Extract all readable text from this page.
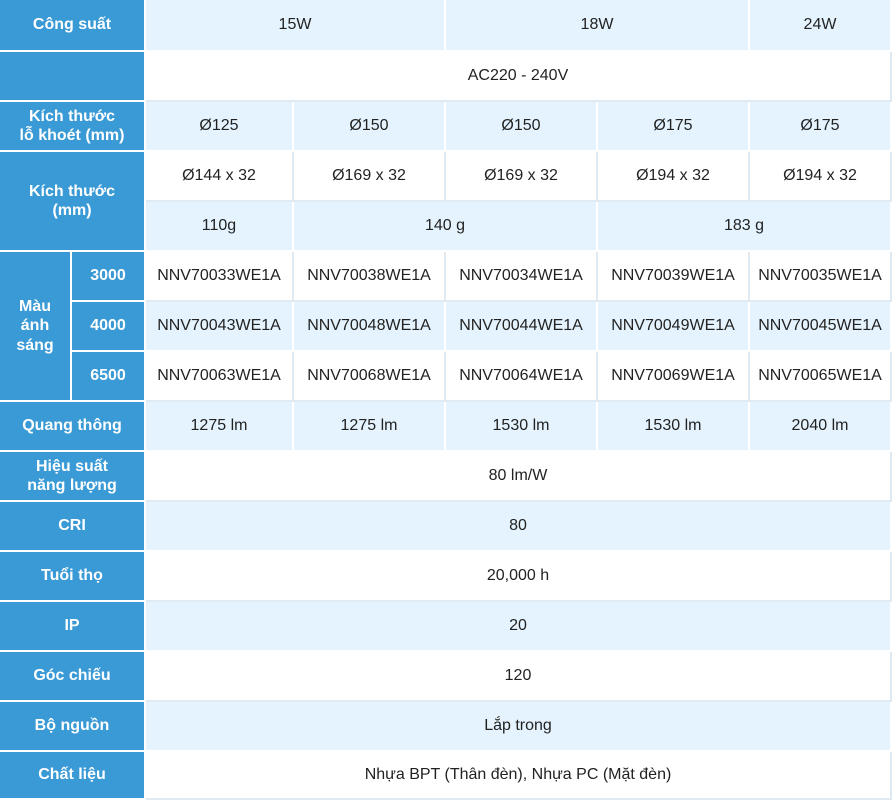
Công suất	15W	18W	24W
AC220 - 240V
Kích thước
lỗ khoét (mm)
Ø125	Ø150	Ø150	Ø175	Ø175
Kích thước
(mm)
Ø144 x 32	Ø169 x 32	Ø169 x 32	Ø194 x 32	Ø194 x 32
110g	140 g	183 g
Màu
ánh
sáng
3000	NNV70033WE1A	NNV70038WE1A	NNV70034WE1A	NNV70039WE1A	NNV70035WE1A
4000	NNV70043WE1A	NNV70048WE1A	NNV70044WE1A	NNV70049WE1A	NNV70045WE1A
6500	NNV70063WE1A	NNV70068WE1A	NNV70064WE1A	NNV70069WE1A	NNV70065WE1A
Quang thông	1275 lm	1275 lm	1530 lm	1530 lm	2040 lm
Hiệu suất
năng lượng
80 lm/W
CRI	80
Tuổi thọ	20,000 h
IP	20
Góc chiếu	120
Bộ nguồn	Lắp trong
Chất liệu	Nhựa BPT (Thân đèn), Nhựa PC (Mặt đèn)
